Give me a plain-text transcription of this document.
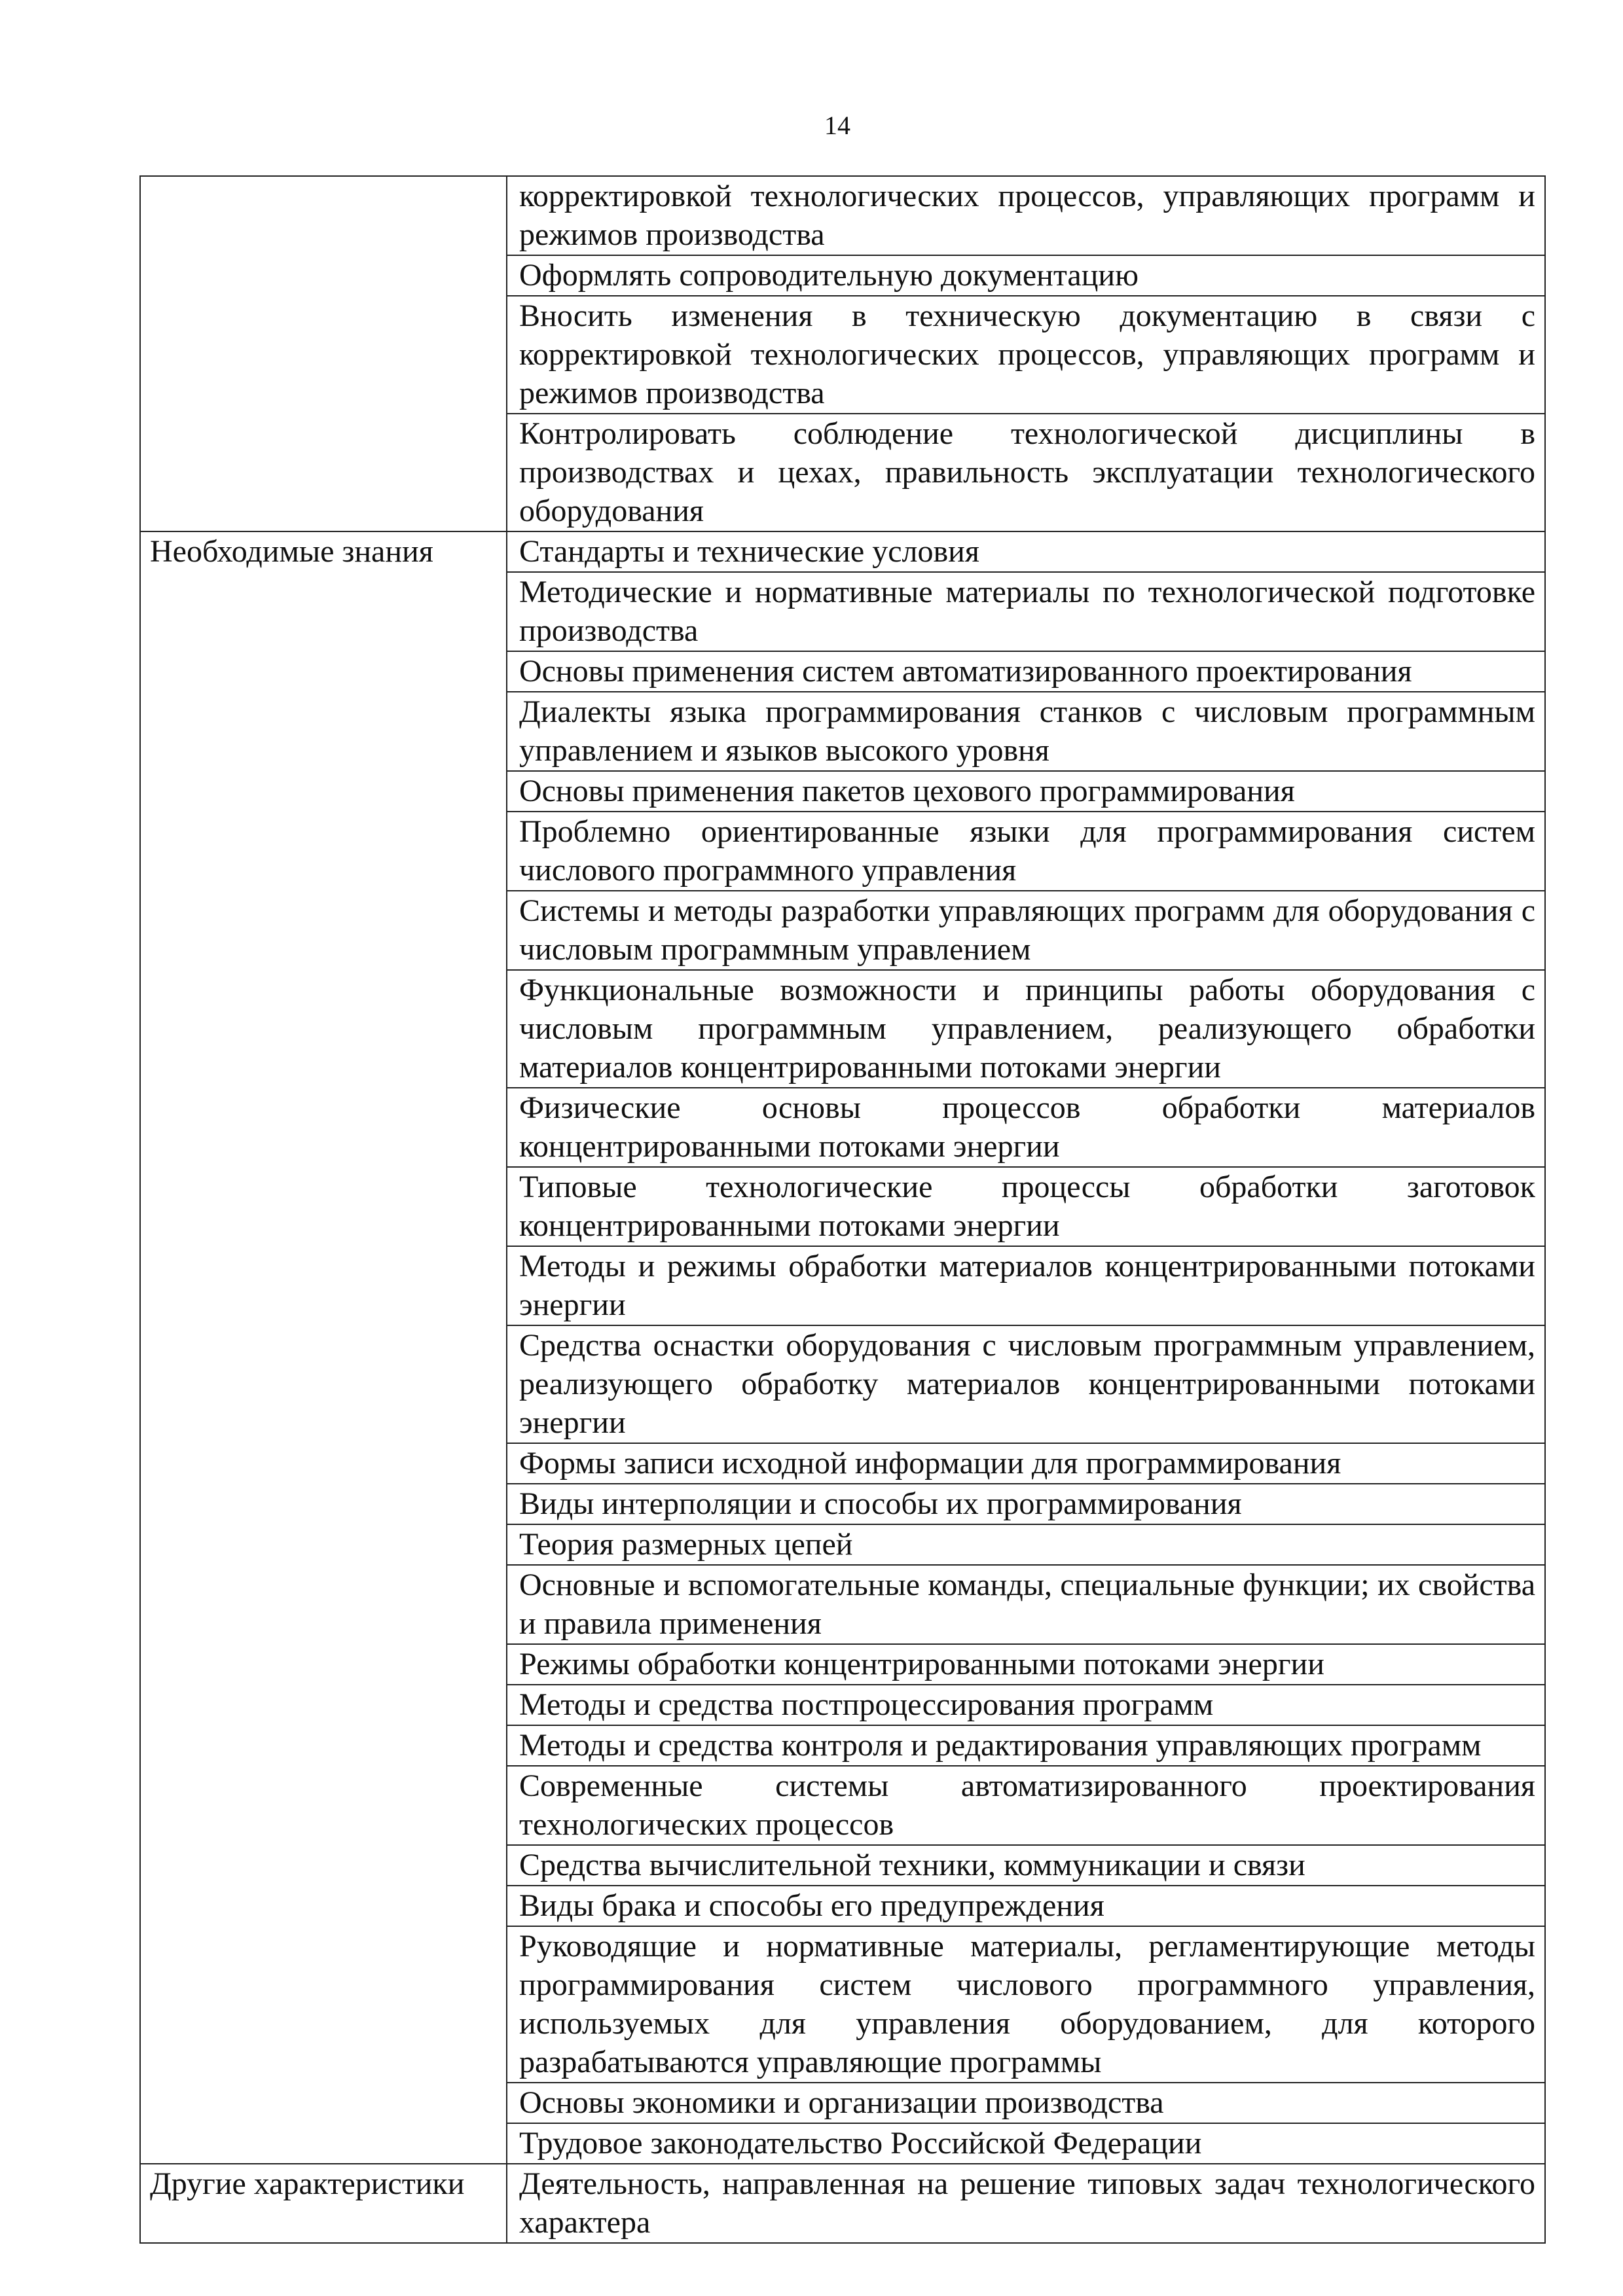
14
	корректировкой технологических процессов, управляющих программ и режимов производства
	Оформлять сопроводительную документацию
	Вносить изменения в техническую документацию в связи с корректировкой технологических процессов, управляющих программ и режимов производства
	Контролировать соблюдение технологической дисциплины в производствах и цехах, правильность эксплуатации технологического оборудования
Необходимые знания	Стандарты и технические условия
	Методические и нормативные материалы по технологической подготовке производства
	Основы применения систем автоматизированного проектирования
	Диалекты языка программирования станков с числовым программным управлением и языков высокого уровня
	Основы применения пакетов цехового программирования
	Проблемно ориентированные языки для программирования систем числового программного управления
	Системы и методы разработки управляющих программ для оборудования с числовым программным управлением
	Функциональные возможности и принципы работы оборудования с числовым программным управлением, реализующего обработки материалов концентрированными потоками энергии
	Физические основы процессов обработки материалов концентрированными потоками энергии
	Типовые технологические процессы обработки заготовок концентрированными потоками энергии
	Методы и режимы обработки материалов концентрированными потоками энергии
	Средства оснастки оборудования с числовым программным управлением, реализующего обработку материалов концентрированными потоками энергии
	Формы записи исходной информации для программирования
	Виды интерполяции и способы их программирования
	Теория размерных цепей
	Основные и вспомогательные команды, специальные функции; их свойства и правила применения
	Режимы обработки концентрированными потоками энергии
	Методы и средства постпроцессирования программ
	Методы и средства контроля и редактирования управляющих программ
	Современные системы автоматизированного проектирования технологических процессов
	Средства вычислительной техники, коммуникации и связи
	Виды брака и способы его предупреждения
	Руководящие и нормативные материалы, регламентирующие методы программирования систем числового программного управления, используемых для управления оборудованием, для которого разрабатываются управляющие программы
	Основы экономики и организации производства
	Трудовое законодательство Российской Федерации
Другие характеристики	Деятельность, направленная на решение типовых задач технологического характера
